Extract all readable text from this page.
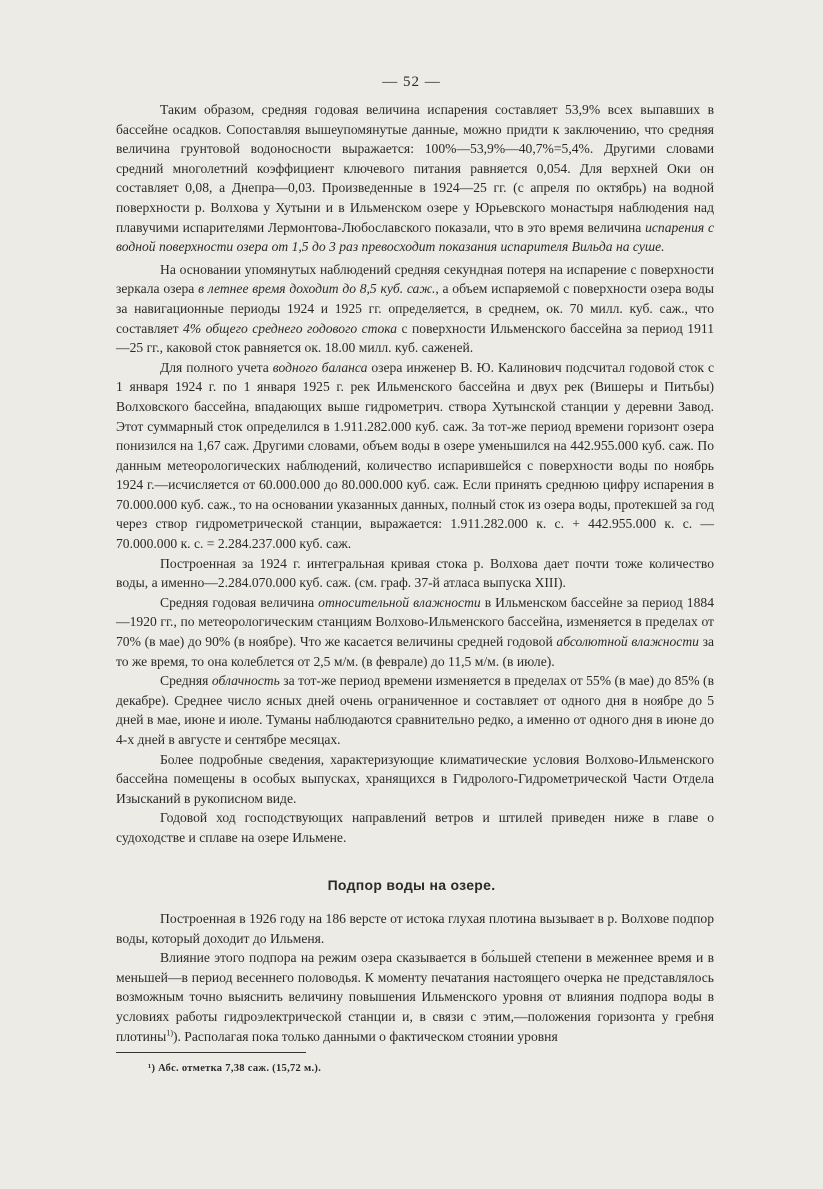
— 52 —

Таким образом, средняя годовая величина испарения составляет 53,9% всех выпавших в бассейне осадков. Сопоставляя вышеупомянутые данные, можно придти к заключению, что средняя величина грунтовой водоносности выражается: 100%—53,9%—40,7%=5,4%. Другими словами средний многолетний коэффициент ключевого питания равняется 0,054. Для верхней Оки он составляет 0,08, а Днепра—0,03. Произведенные в 1924—25 гг. (с апреля по октябрь) на водной поверхности р. Волхова у Хутыни и в Ильменском озере у Юрьевского монастыря наблюдения над плавучими испарителями Лермонтова-Любославского показали, что в это время величина испарения с водной поверхности озера от 1,5 до 3 раз превосходит показания испарителя Вильда на суше.

На основании упомянутых наблюдений средняя секундная потеря на испарение с поверхности зеркала озера в летнее время доходит до 8,5 куб. саж., а объем испаряемой с поверхности озера воды за навигационные периоды 1924 и 1925 гг. определяется, в среднем, ок. 70 милл. куб. саж., что составляет 4% общего среднего годового стока с поверхности Ильменского бассейна за период 1911—25 гг., каковой сток равняется ок. 18.00 милл. куб. саженей.

Для полного учета водного баланса озера инженер В. Ю. Калинович подсчитал годовой сток с 1 января 1924 г. по 1 января 1925 г. рек Ильменского бассейна и двух рек (Вишеры и Питьбы) Волховского бассейна, впадающих выше гидрометрич. створа Хутынской станции у деревни Завод. Этот суммарный сток определился в 1.911.282.000 куб. саж. За тот-же период времени горизонт озера понизился на 1,67 саж. Другими словами, объем воды в озере уменьшился на 442.955.000 куб. саж. По данным метеорологических наблюдений, количество испарившейся с поверхности воды по ноябрь 1924 г.—исчисляется от 60.000.000 до 80.000.000 куб. саж. Если принять среднюю цифру испарения в 70.000.000 куб. саж., то на основании указанных данных, полный сток из озера воды, протекшей за год через створ гидрометрической станции, выражается: 1.911.282.000 к. с. + 442.955.000 к. с. — 70.000.000 к. с. = 2.284.237.000 куб. саж.

Построенная за 1924 г. интегральная кривая стока р. Волхова дает почти тоже количество воды, а именно—2.284.070.000 куб. саж. (см. граф. 37-й атласа выпуска XIII).

Средняя годовая величина относительной влажности в Ильменском бассейне за период 1884—1920 гг., по метеорологическим станциям Волхово-Ильменского бассейна, изменяется в пределах от 70% (в мае) до 90% (в ноябре). Что же касается величины средней годовой абсолютной влажности за то же время, то она колеблется от 2,5 м/м. (в феврале) до 11,5 м/м. (в июле).

Средняя облачность за тот-же период времени изменяется в пределах от 55% (в мае) до 85% (в декабре). Среднее число ясных дней очень ограниченное и составляет от одного дня в ноябре до 5 дней в мае, июне и июле. Туманы наблюдаются сравнительно редко, а именно от одного дня в июне до 4-х дней в августе и сентябре месяцах.

Более подробные сведения, характеризующие климатические условия Волхово-Ильменского бассейна помещены в особых выпусках, хранящихся в Гидролого-Гидрометрической Части Отдела Изысканий в рукописном виде.

Годовой ход господствующих направлений ветров и штилей приведен ниже в главе о судоходстве и сплаве на озере Ильмене.

Подпор воды на озере.

Построенная в 1926 году на 186 версте от истока глухая плотина вызывает в р. Волхове подпор воды, который доходит до Ильменя.

Влияние этого подпора на режим озера сказывается в бо́льшей степени в меженнее время и в меньшей—в период весеннего половодья. К моменту печатания настоящего очерка не представлялось возможным точно выяснить величину повышения Ильменского уровня от влияния подпора воды в условиях работы гидроэлектрической станции и, в связи с этим,—положения горизонта у гребня плотины$^{1)}$). Располагая пока только данными о фактическом стоянии уровня

¹) Абс. отметка 7,38 саж. (15,72 м.).
